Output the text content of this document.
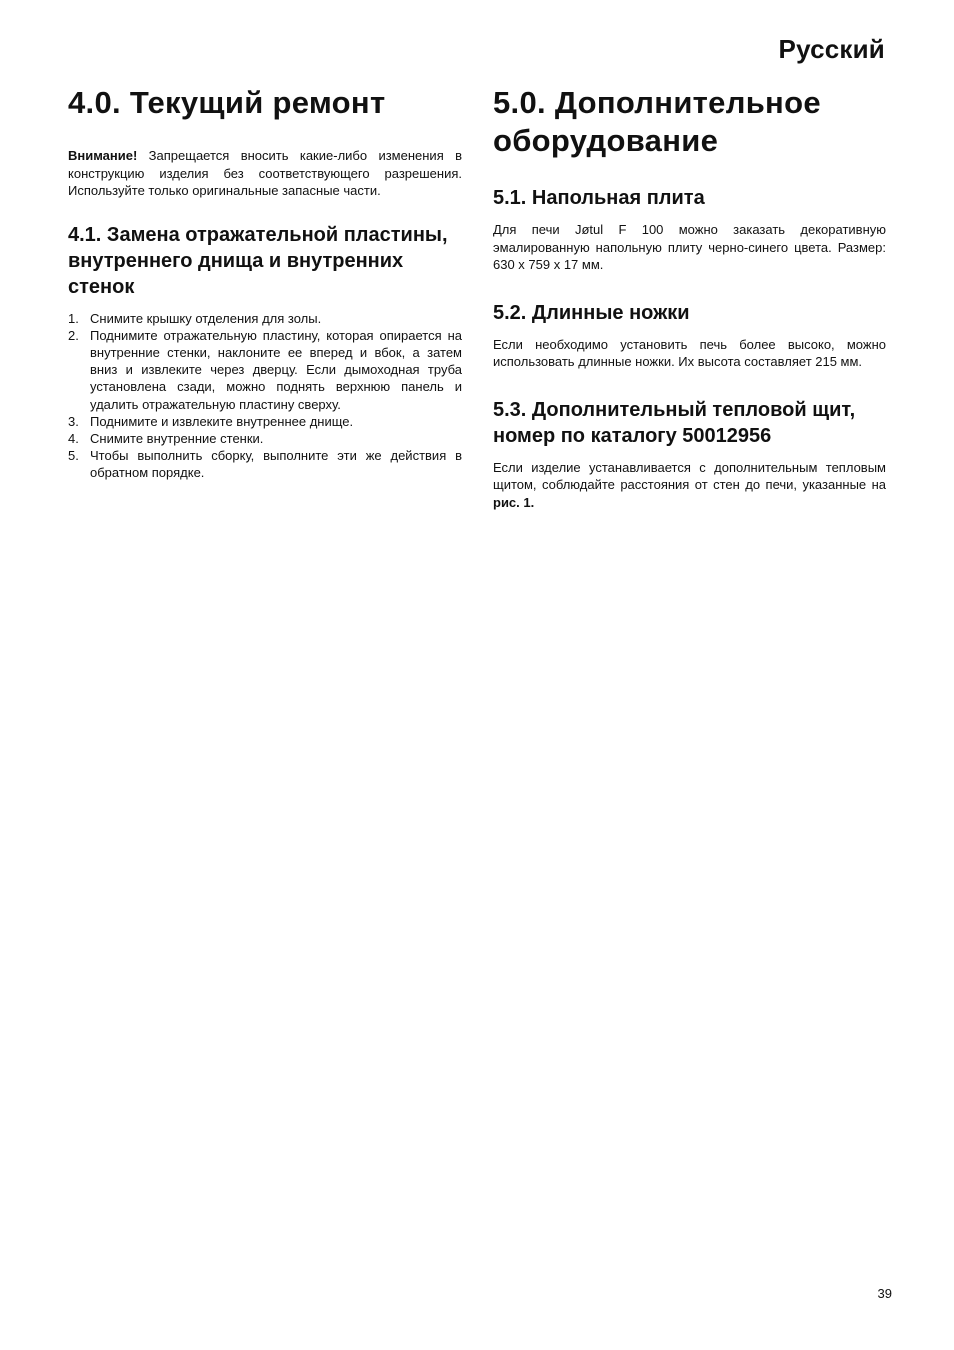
Русский
4.0. Текущий ремонт

Внимание! Запрещается вносить какие-либо изменения в конструкцию изделия без соответствующего разрешения. Используйте только оригинальные запасные части.

4.1. Замена отражательной пластины, внутреннего днища и внутренних стенок
1. Снимите крышку отделения для золы.
2. Поднимите отражательную пластину, которая опирается на внутренние стенки, наклоните ее вперед и вбок, а затем вниз и извлеките через дверцу. Если дымоходная труба установлена сзади, можно поднять верхнюю панель и удалить отражательную пластину сверху.
3. Поднимите и извлеките внутреннее днище.
4. Снимите внутренние стенки.
5. Чтобы выполнить сборку, выполните эти же действия в обратном порядке.
5.0. Дополнительное оборудование
5.1. Напольная плита

Для печи Jøtul F 100 можно заказать декоративную эмалированную напольную плиту черно-синего цвета. Размер: 630 x 759 x 17 мм.

5.2. Длинные ножки

Если необходимо установить печь более высоко, можно использовать длинные ножки. Их высота составляет 215 мм.

5.3. Дополнительный тепловой щит, номер по каталогу 50012956

Если изделие устанавливается с дополнительным тепловым щитом, соблюдайте расстояния от стен до печи, указанные на рис. 1.

39
